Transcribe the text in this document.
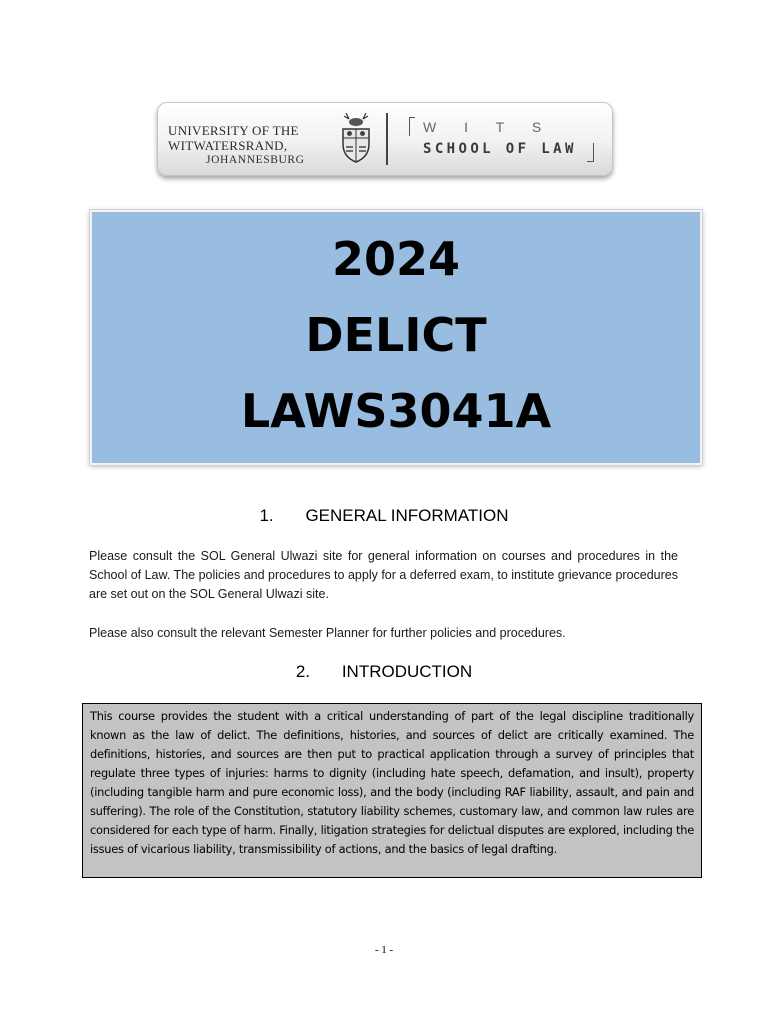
UNIVERSITY OF THE
WITWATERSRAND,
JOHANNESBURG
W I T S
SCHOOL OF LAW
2024
DELICT
LAWS3041A
1. GENERAL INFORMATION

Please consult the SOL General Ulwazi site for general information on courses and procedures in the School of Law. The policies and procedures to apply for a deferred exam, to institute grievance procedures are set out on the SOL General Ulwazi site.

Please also consult the relevant Semester Planner for further policies and procedures.

2. INTRODUCTION

This course provides the student with a critical understanding of part of the legal discipline traditionally known as the law of delict. The definitions, histories, and sources of delict are critically examined. The definitions, histories, and sources are then put to practical application through a survey of principles that regulate three types of injuries: harms to dignity (including hate speech, defamation, and insult), property (including tangible harm and pure economic loss), and the body (including RAF liability, assault, and pain and suffering). The role of the Constitution, statutory liability schemes, customary law, and common law rules are considered for each type of harm. Finally, litigation strategies for delictual disputes are explored, including the issues of vicarious liability, transmissibility of actions, and the basics of legal drafting.

- 1 -
